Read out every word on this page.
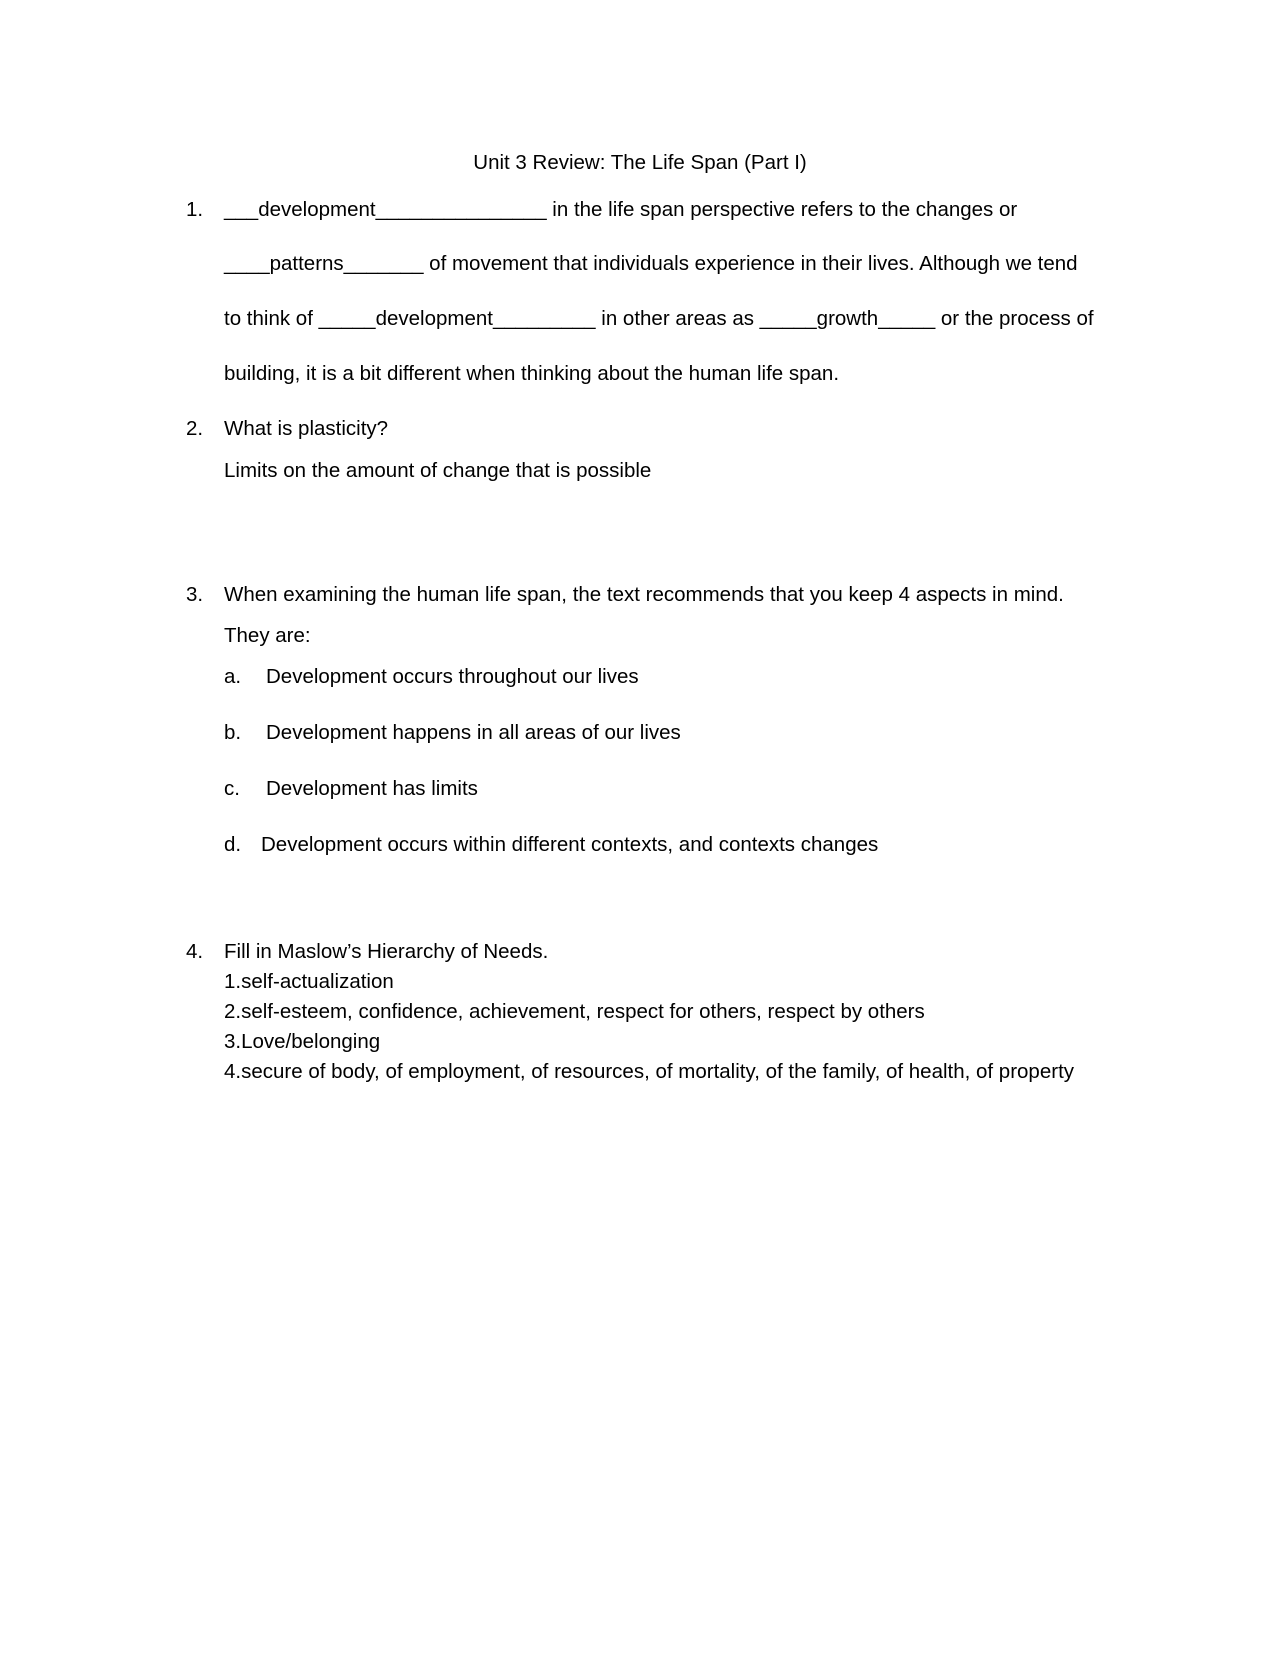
Unit 3 Review: The Life Span (Part I)
1. ___development_______________ in the life span perspective refers to the changes or
____patterns_______ of movement that individuals experience in their lives. Although we tend
to think of _____development_________ in other areas as _____growth_____ or the process of
building, it is a bit different when thinking about the human life span.
2. What is plasticity?
Limits on the amount of change that is possible
3. When examining the human life span, the text recommends that you keep 4 aspects in mind.
They are:
a. Development occurs throughout our lives
b. Development happens in all areas of our lives
c. Development has limits
d. Development occurs within different contexts, and contexts changes
4. Fill in Maslow’s Hierarchy of Needs.
1.self-actualization
2.self-esteem, confidence, achievement, respect for others, respect by others
3.Love/belonging
4.secure of body, of employment, of resources, of mortality, of the family, of health, of property
